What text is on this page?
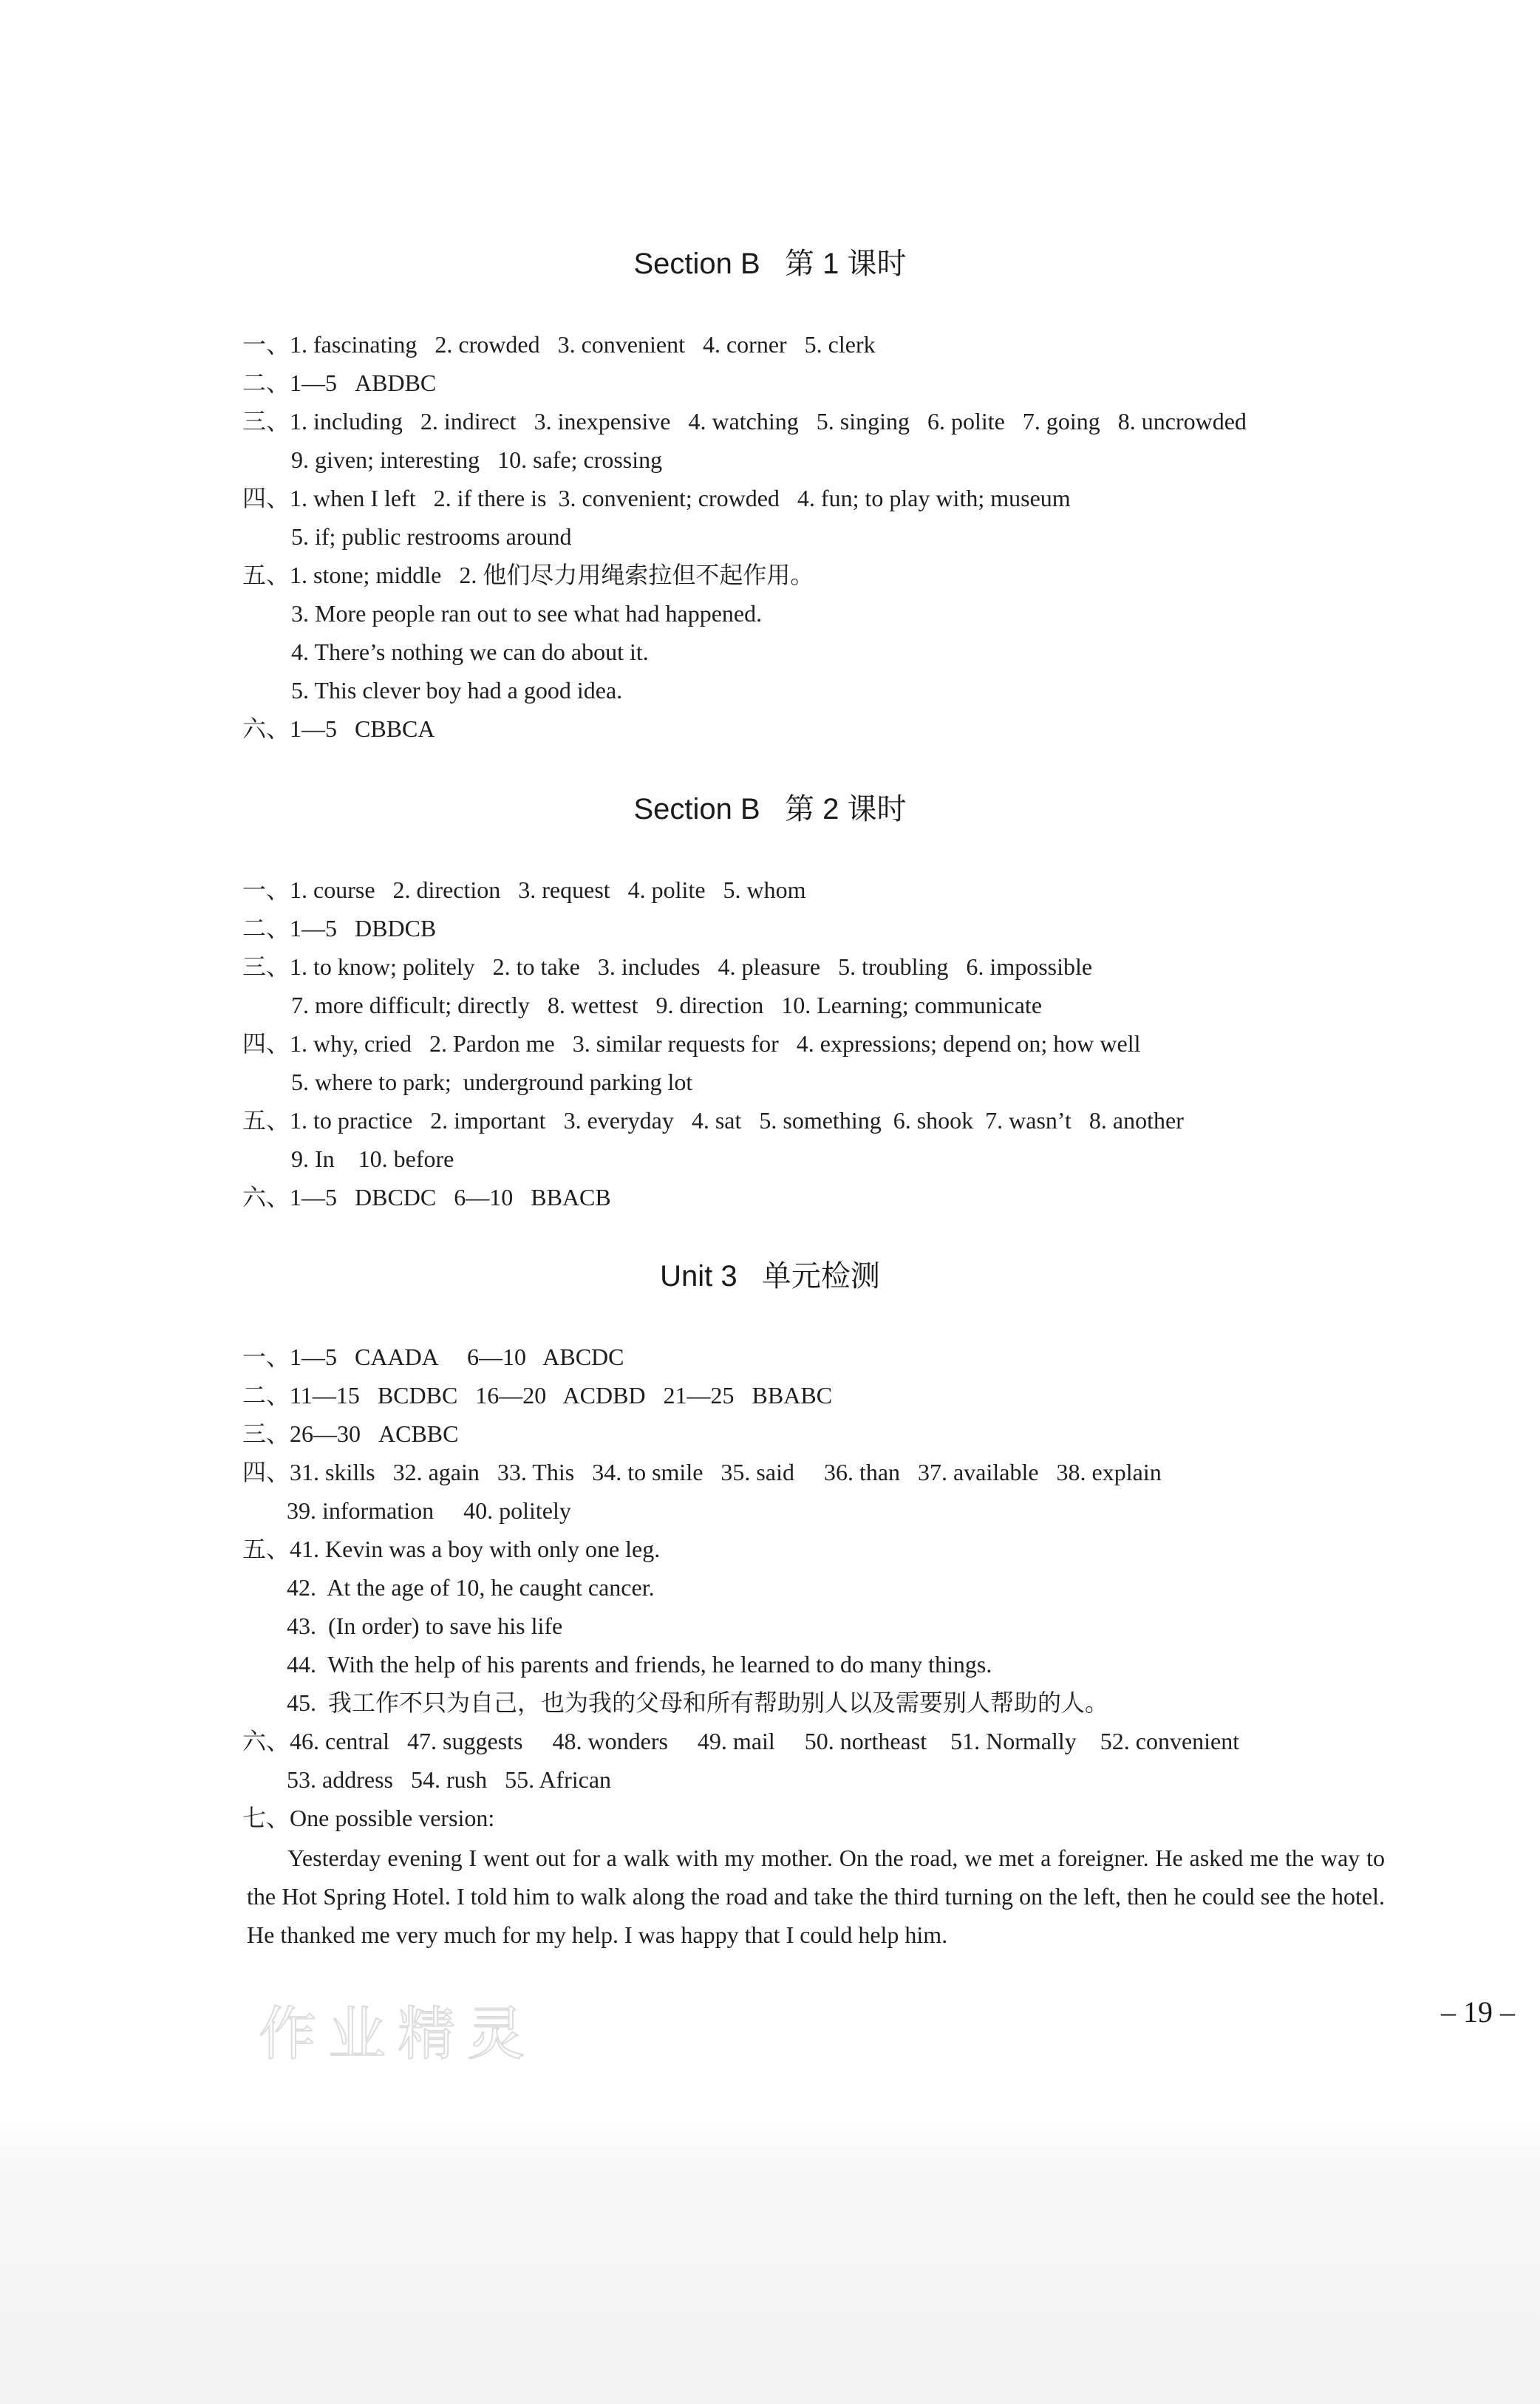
Section B 第 1 课时
一、1. fascinating   2. crowded   3. convenient   4. corner   5. clerk
二、1—5   ABDBC
三、1. including   2. indirect   3. inexpensive   4. watching   5. singing   6. polite   7. going   8. uncrowded
9. given; interesting   10. safe; crossing
四、1. when I left   2. if there is  3. convenient; crowded   4. fun; to play with; museum
5. if; public restrooms around
五、1. stone; middle   2. 他们尽力用绳索拉但不起作用。
3. More people ran out to see what had happened.
4. There’s nothing we can do about it.
5. This clever boy had a good idea.
六、1—5   CBBCA
Section B 第 2 课时
一、1. course   2. direction   3. request   4. polite   5. whom
二、1—5   DBDCB
三、1. to know; politely   2. to take   3. includes   4. pleasure   5. troubling   6. impossible
7. more difficult; directly   8. wettest   9. direction   10. Learning; communicate
四、1. why, cried   2. Pardon me   3. similar requests for   4. expressions; depend on; how well
5. where to park;  underground parking lot
五、1. to practice   2. important   3. everyday   4. sat   5. something  6. shook  7. wasn’t   8. another
9. In    10. before
六、1—5   DBCDC   6—10   BBACB
Unit 3 单元检测
一、1—5   CAADA     6—10   ABCDC
二、11—15   BCDBC   16—20   ACDBD   21—25   BBABC
三、26—30   ACBBC
四、31. skills   32. again   33. This   34. to smile   35. said     36. than   37. available   38. explain
39. information     40. politely
五、41. Kevin was a boy with only one leg.
42.  At the age of 10, he caught cancer.
43.  (In order) to save his life
44.  With the help of his parents and friends, he learned to do many things.
45.  我工作不只为自己，也为我的父母和所有帮助别人以及需要别人帮助的人。
六、46. central   47. suggests     48. wonders     49. mail     50. northeast    51. Normally    52. convenient
53. address   54. rush   55. African
七、One possible version:
Yesterday evening I went out for a walk with my mother. On the road, we met a foreigner. He asked me the way to the Hot Spring Hotel. I told him to walk along the road and take the third turning on the left, then he could see the hotel. He thanked me very much for my help. I was happy that I could help him.
作业精灵	– 19 –
